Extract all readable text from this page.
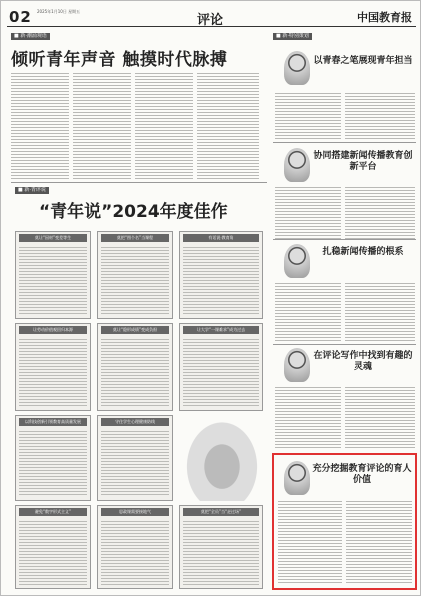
02 2025年1月10日 星期五
评论	中国教育报
■ 新·潮涌观语
倾听青年声音 触摸时代脉搏
■ 新·青评说
“青年说”2024年度佳作
莫让“因材”变差等生	莫把“图个名”当课程	有话说·教育角
让劳动价值观回归本源	莫让“隐形成绩”变成负担	让大学“一课难求”成为过去
以科技创新引领教育高质量发展	守住学生心理健康防线
避免“数字形式主义”	思政课需要接地气	莫把“全员”当“走过场”
■ 新·特别策划
以青春之笔展现青年担当
协同搭建新闻传播教育创新平台
扎稳新闻传播的根系
在评论写作中找到有趣的灵魂
充分挖掘教育评论的育人价值
